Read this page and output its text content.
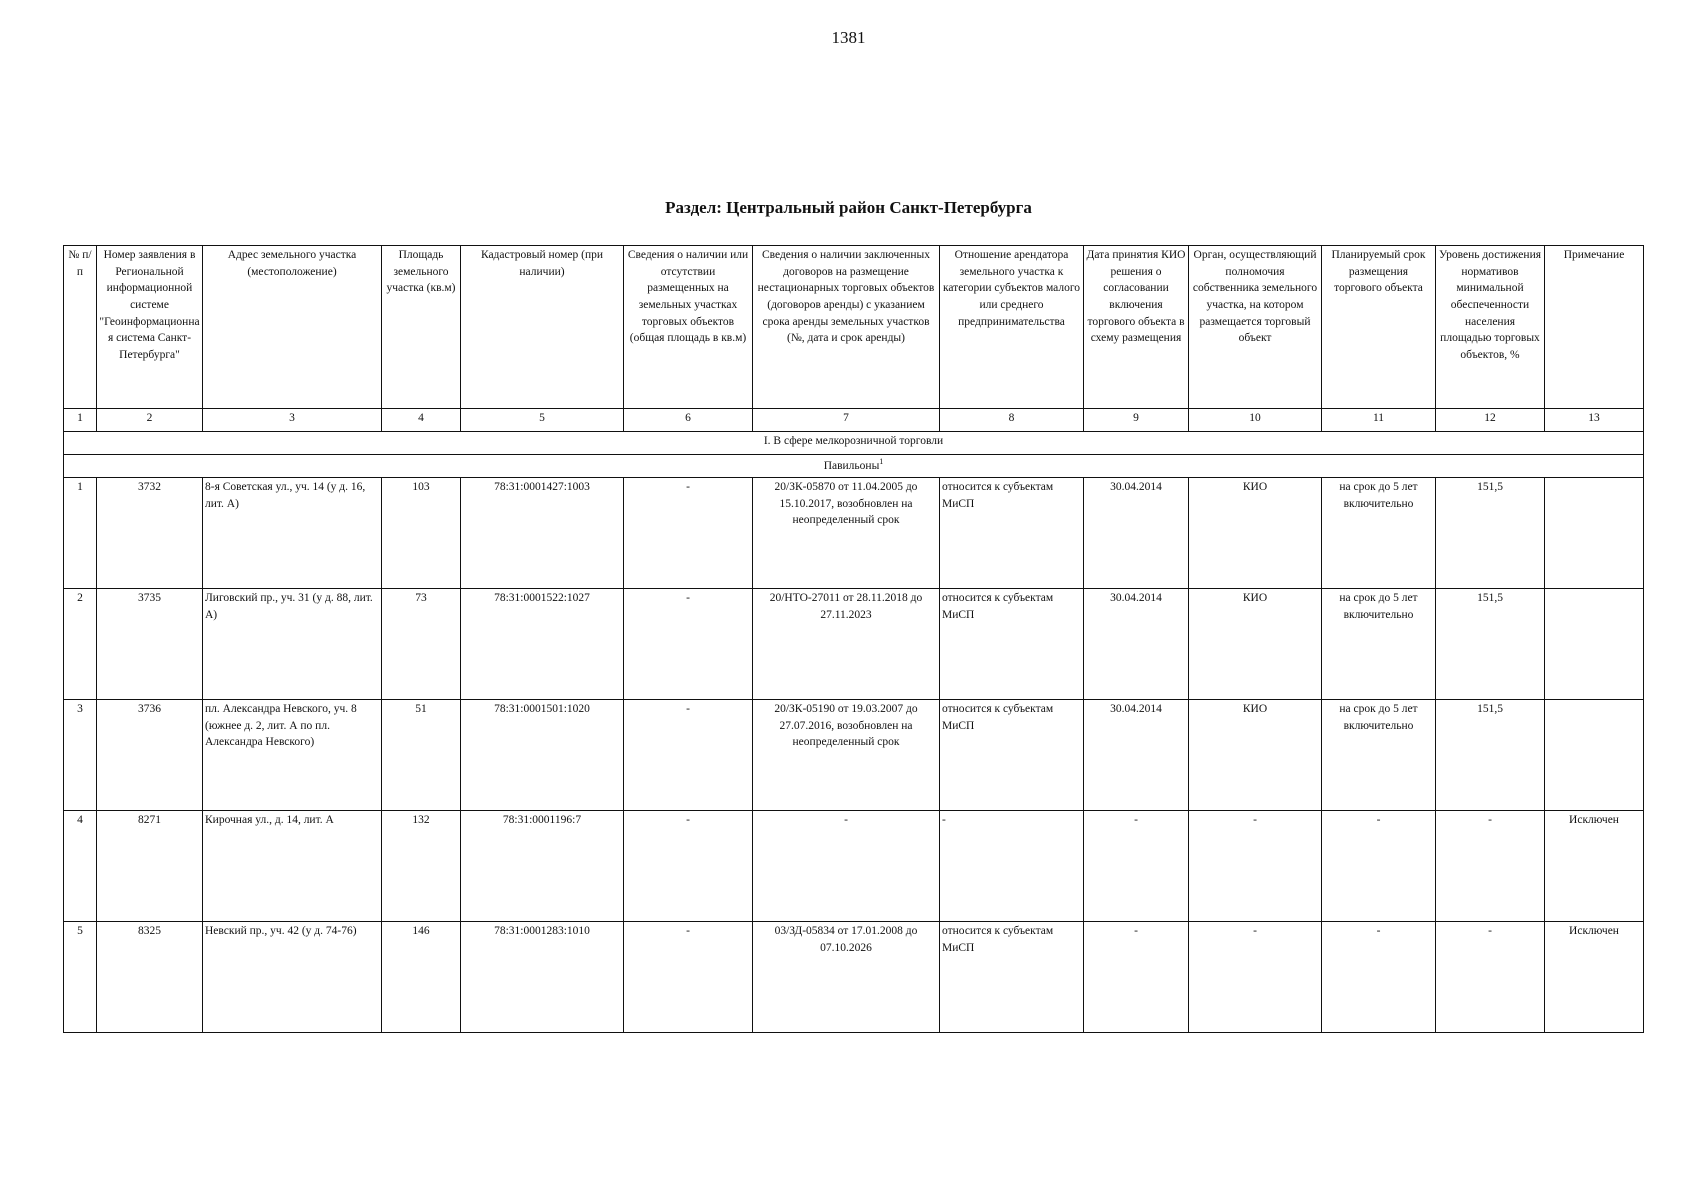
1381
Раздел: Центральный район Санкт-Петербурга
№ п/п	Номер заявления в Региональной информационной системе "Геоинформационная система Санкт-Петербурга"	Адрес земельного участка (местоположение)	Площадь земельного участка (кв.м)	Кадастровый номер (при наличии)	Сведения о наличии или отсутствии размещенных на земельных участках торговых объектов (общая площадь в кв.м)	Сведения о наличии заключенных договоров на размещение нестационарных торговых объектов (договоров аренды) с указанием срока аренды земельных участков (№, дата и срок аренды)	Отношение арендатора земельного участка к категории субъектов малого или среднего предпринимательства	Дата принятия КИО решения о согласовании включения торгового объекта в схему размещения	Орган, осуществляющий полномочия собственника земельного участка, на котором размещается торговый объект	Планируемый срок размещения торгового объекта	Уровень достижения нормативов минимальной обеспеченности населения площадью торговых объектов, %	Примечание
1	2	3	4	5	6	7	8	9	10	11	12	13
I. В сфере мелкорозничной торговли												
Павильоны$^1$
1	3732	8-я Советская ул., уч. 14 (у д. 16, лит. А)	103	78:31:0001427:1003	-	20/ЗК-05870 от 11.04.2005 до 15.10.2017, возобновлен на неопределенный срок	относится к субъектам МиСП	30.04.2014	КИО	на срок до 5 лет включительно	151,5	
2	3735	Лиговский пр., уч. 31 (у д. 88, лит. А)	73	78:31:0001522:1027	-	20/НТО-27011 от 28.11.2018 до 27.11.2023	относится к субъектам МиСП	30.04.2014	КИО	на срок до 5 лет включительно	151,5	
3	3736	пл. Александра Невского, уч. 8 (южнее д. 2, лит. А по пл. Александра Невского)	51	78:31:0001501:1020	-	20/ЗК-05190 от 19.03.2007 до 27.07.2016, возобновлен на неопределенный срок	относится к субъектам МиСП	30.04.2014	КИО	на срок до 5 лет включительно	151,5	
4	8271	Кирочная ул., д. 14, лит. А	132	78:31:0001196:7	-	-	-	-	-	-	-	Исключен
5	8325	Невский пр., уч. 42 (у д. 74-76)	146	78:31:0001283:1010	-	03/ЗД-05834 от 17.01.2008 до 07.10.2026	относится к субъектам МиСП	-	-	-	-	Исключен
